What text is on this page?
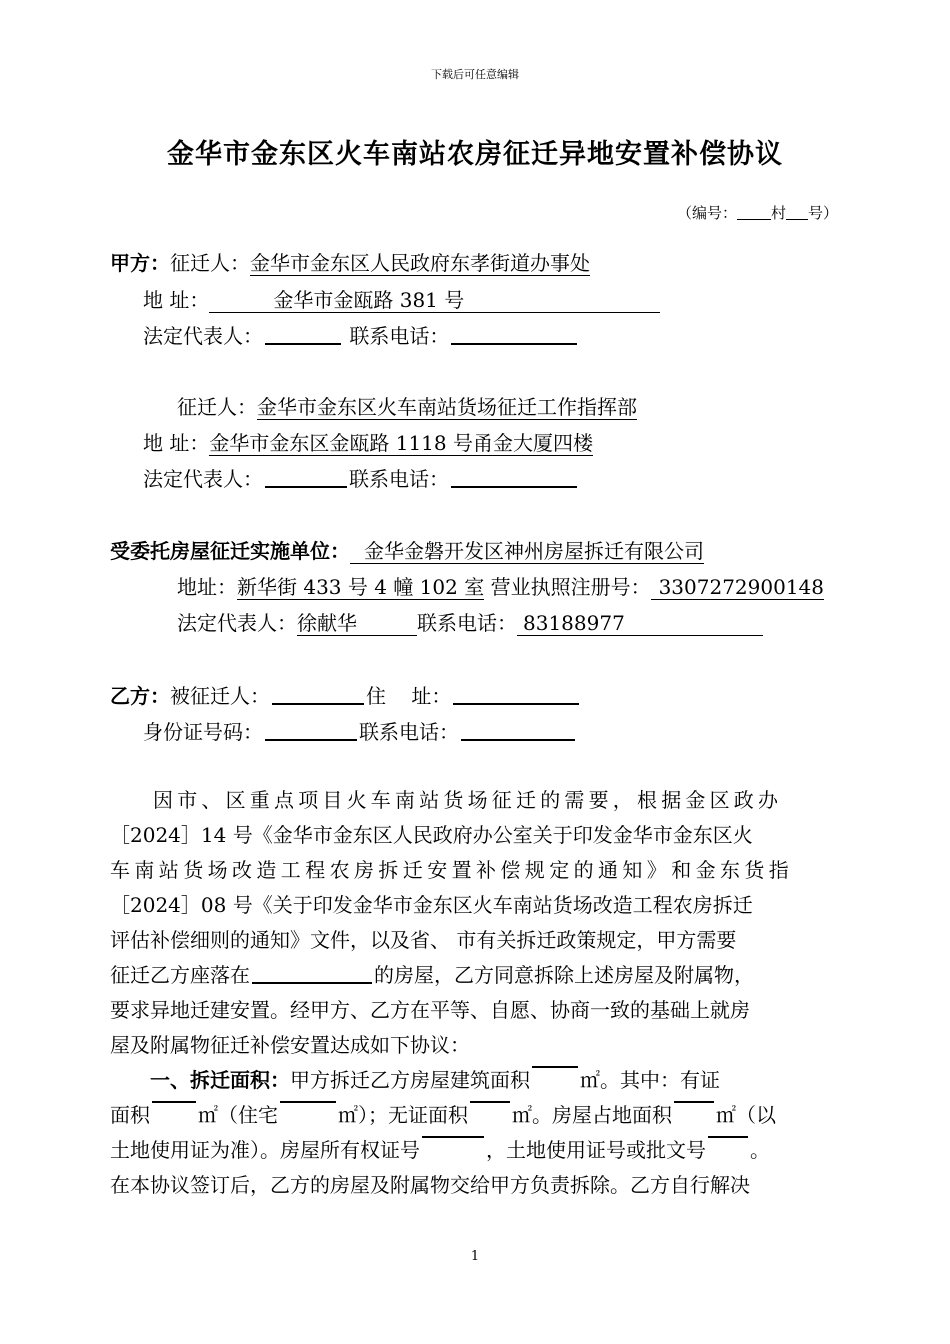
下载后可任意编辑
金华市金东区火车南站农房征迁异地安置补偿协议
（编号： 村 号）
甲方：征迁人：金华市金东区人民政府东孝街道办事处
地 址：	金华市金瓯路 381 号
法定代表人：	联系电话：
征迁人：金华市金东区火车南站货场征迁工作指挥部
地 址：金华市金东区金瓯路 1118 号甬金大厦四楼
法定代表人：	联系电话：
受委托房屋征迁实施单位： 金华金磐开发区神州房屋拆迁有限公司
地址：新华街 433 号 4 幢 102 室 营业执照注册号： 3307272900148
法定代表人：徐献华	联系电话： 83188977
乙方：被征迁人：	住    址：
身份证号码：	联系电话：
因市、区重点项目火车南站货场征迁的需要，根据金区政办
［2024］14 号《金华市金东区人民政府办公室关于印发金华市金东区火
车南站货场改造工程农房拆迁安置补偿规定的通知》和金东货指
［2024］08 号《关于印发金华市金东区火车南站货场改造工程农房拆迁
评估补偿细则的通知》文件，以及省、 市有关拆迁政策规定，甲方需要
征迁乙方座落在	的房屋，乙方同意拆除上述房屋及附属物，
要求异地迁建安置。经甲方、乙方在平等、自愿、协商一致的基础上就房
屋及附属物征迁补偿安置达成如下协议：
一、拆迁面积： 甲方拆迁乙方房屋建筑面积	㎡。其中：有证
面积 ㎡（住宅	㎡）；无证面积 ㎡。房屋占地面积 ㎡（以
土地使用证为准）。房屋所有权证号	，土地使用证号或批文号 。
在本协议签订后，乙方的房屋及附属物交给甲方负责拆除。乙方自行解决
1
